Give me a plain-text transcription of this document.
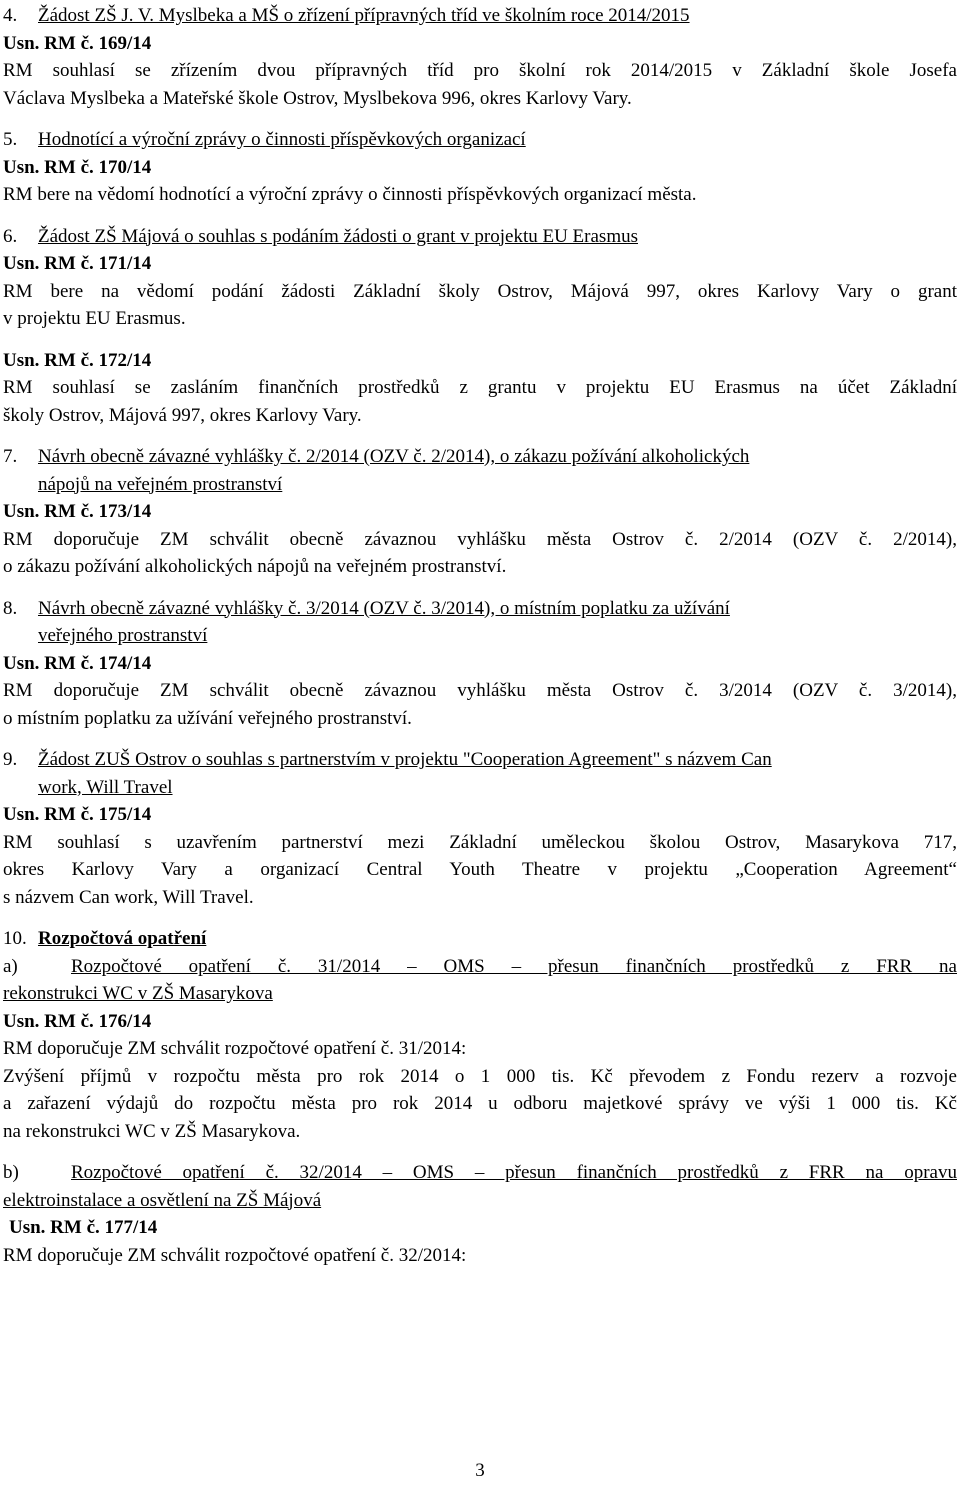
4. Žádost ZŠ J. V. Myslbeka a MŠ o zřízení přípravných tříd ve školním roce 2014/2015
Usn. RM č. 169/14
RM souhlasí se zřízením dvou přípravných tříd pro školní rok 2014/2015 v Základní škole Josefa
Václava Myslbeka a Mateřské škole Ostrov, Myslbekova 996, okres Karlovy Vary.
5. Hodnotící a výroční zprávy o činnosti příspěvkových organizací
Usn. RM č. 170/14
RM bere na vědomí hodnotící a výroční zprávy o činnosti příspěvkových organizací města.
6. Žádost ZŠ Májová o souhlas s podáním žádosti o grant v projektu EU Erasmus
Usn. RM č. 171/14
RM bere na vědomí podání žádosti Základní školy Ostrov, Májová 997, okres Karlovy Vary o grant
v projektu EU Erasmus.
Usn. RM č. 172/14
RM souhlasí se zasláním finančních prostředků z grantu v projektu EU Erasmus na účet Základní
školy Ostrov, Májová 997, okres Karlovy Vary.
7. Návrh obecně závazné vyhlášky č. 2/2014 (OZV č. 2/2014), o zákazu požívání alkoholických
nápojů na veřejném prostranství
Usn. RM č. 173/14
RM doporučuje ZM schválit obecně závaznou vyhlášku města Ostrov č. 2/2014 (OZV č. 2/2014),
o zákazu požívání alkoholických nápojů na veřejném prostranství.
8. Návrh obecně závazné vyhlášky č. 3/2014 (OZV č. 3/2014), o místním poplatku za užívání
veřejného prostranství
Usn. RM č. 174/14
RM doporučuje ZM schválit obecně závaznou vyhlášku města Ostrov č. 3/2014 (OZV č. 3/2014),
o místním poplatku za užívání veřejného prostranství.
9. Žádost ZUŠ Ostrov o souhlas s partnerstvím v projektu "Cooperation Agreement" s názvem Can
work, Will Travel
Usn. RM č. 175/14
RM souhlasí s uzavřením partnerství mezi Základní uměleckou školou Ostrov, Masarykova 717,
okres Karlovy Vary a organizací Central Youth Theatre v projektu „Cooperation Agreement“
s názvem Can work, Will Travel.
10. Rozpočtová opatření
a)	Rozpočtové opatření č. 31/2014 – OMS – přesun finančních prostředků z FRR na
rekonstrukci WC v ZŠ Masarykova
Usn. RM č. 176/14
RM doporučuje ZM schválit rozpočtové opatření č. 31/2014:
Zvýšení příjmů v rozpočtu města pro rok 2014 o 1 000 tis. Kč převodem z Fondu rezerv a rozvoje
a zařazení výdajů do rozpočtu města pro rok 2014 u odboru majetkové správy ve výši 1 000 tis. Kč
na rekonstrukci WC v ZŠ Masarykova.
b)	Rozpočtové opatření č. 32/2014 – OMS – přesun finančních prostředků z FRR na opravu
elektroinstalace a osvětlení na ZŠ Májová
Usn. RM č. 177/14
RM doporučuje ZM schválit rozpočtové opatření č. 32/2014:
3
